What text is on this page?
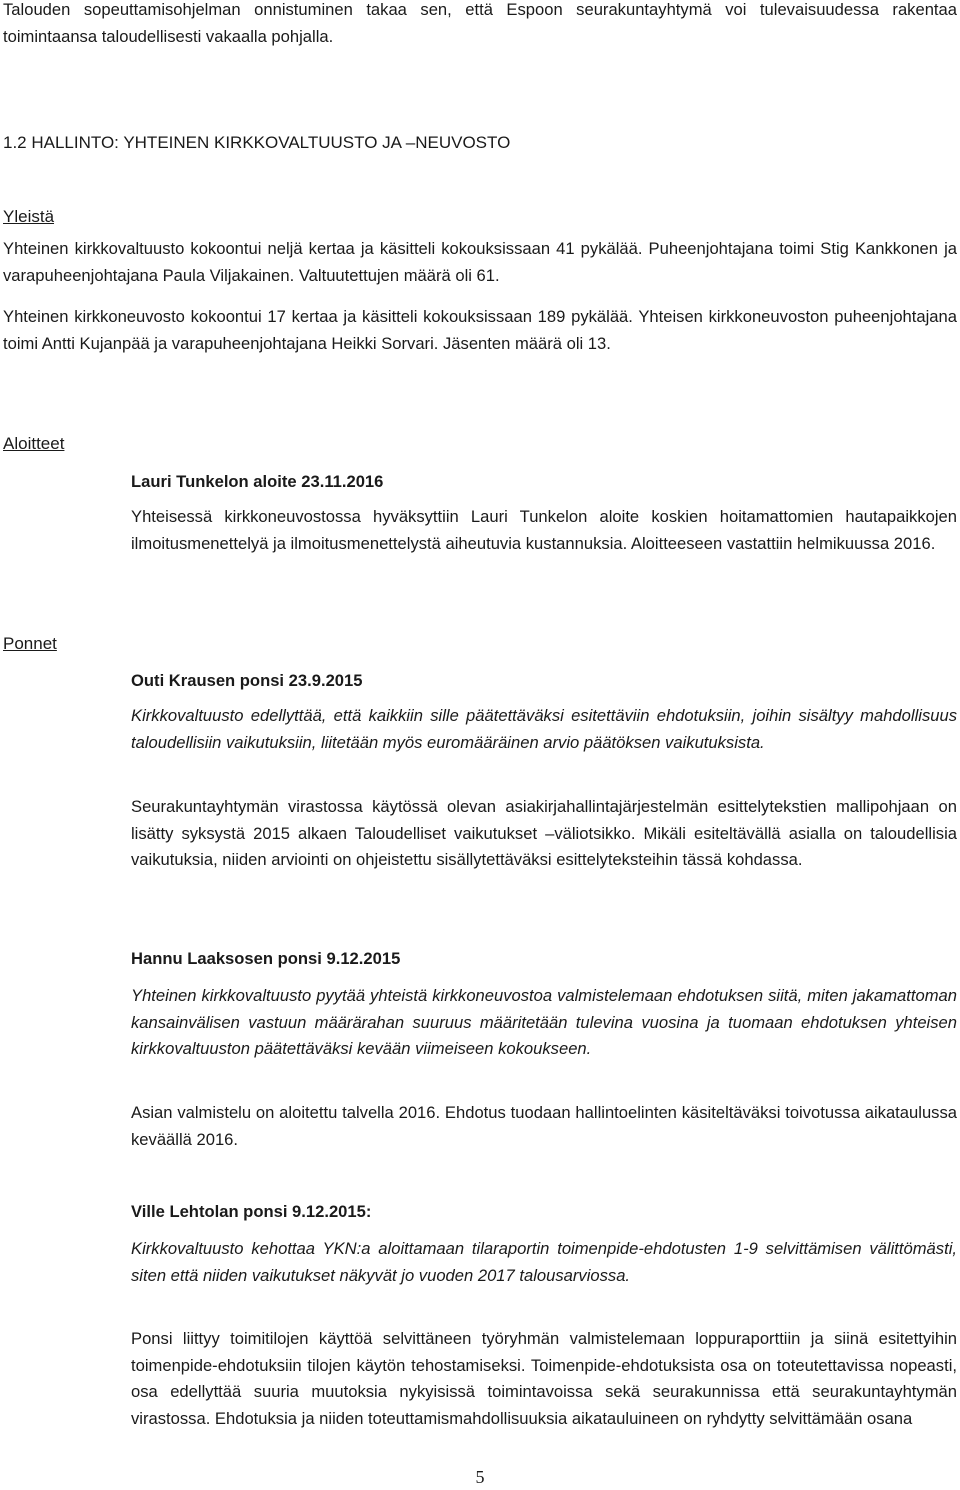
Talouden sopeuttamisohjelman onnistuminen takaa sen, että Espoon seurakuntayhtymä voi tulevaisuudessa rakentaa toimintaansa taloudellisesti vakaalla pohjalla.

1.2 HALLINTO: YHTEINEN KIRKKOVALTUUSTO JA –NEUVOSTO
Yleistä

Yhteinen kirkkovaltuusto kokoontui neljä kertaa ja käsitteli kokouksissaan 41 pykälää. Puheenjohtajana toimi Stig Kankkonen ja varapuheenjohtajana Paula Viljakainen. Valtuutettujen määrä oli 61.

Yhteinen kirkkoneuvosto kokoontui 17 kertaa ja käsitteli kokouksissaan 189 pykälää. Yhteisen kirkkoneuvoston puheenjohtajana toimi Antti Kujanpää ja varapuheenjohtajana Heikki Sorvari. Jäsenten määrä oli 13.

Aloitteet
Lauri Tunkelon aloite 23.11.2016

Yhteisessä kirkkoneuvostossa hyväksyttiin Lauri Tunkelon aloite koskien hoitamattomien hautapaikkojen ilmoitusmenettelyä ja ilmoitusmenettelystä aiheutuvia kustannuksia. Aloitteeseen vastattiin helmikuussa 2016.

Ponnet
Outi Krausen ponsi 23.9.2015

Kirkkovaltuusto edellyttää, että kaikkiin sille päätettäväksi esitettäviin ehdotuksiin, joihin sisältyy mahdollisuus taloudellisiin vaikutuksiin, liitetään myös euromääräinen arvio päätöksen vaikutuksista.

Seurakuntayhtymän virastossa käytössä olevan asiakirjahallintajärjestelmän esittelytekstien mallipohjaan on lisätty syksystä 2015 alkaen Taloudelliset vaikutukset –väliotsikko. Mikäli esiteltävällä asialla on taloudellisia vaikutuksia, niiden arviointi on ohjeistettu sisällytettäväksi esittelyteksteihin tässä kohdassa.

Hannu Laaksosen ponsi 9.12.2015

Yhteinen kirkkovaltuusto pyytää yhteistä kirkkoneuvostoa valmistelemaan ehdotuksen siitä, miten jakamattoman kansainvälisen vastuun määrärahan suuruus määritetään tulevina vuosina ja tuomaan ehdotuksen yhteisen kirkkovaltuuston päätettäväksi kevään viimeiseen kokoukseen.

Asian valmistelu on aloitettu talvella 2016. Ehdotus tuodaan hallintoelinten käsiteltäväksi toivotussa aikataulussa keväällä 2016.

Ville Lehtolan ponsi 9.12.2015:

Kirkkovaltuusto kehottaa YKN:a aloittamaan tilaraportin toimenpide-ehdotusten 1-9 selvittämisen välittömästi, siten että niiden vaikutukset näkyvät jo vuoden 2017 talousarviossa.

Ponsi liittyy toimitilojen käyttöä selvittäneen työryhmän valmistelemaan loppuraporttiin ja siinä esitettyihin toimenpide-ehdotuksiin tilojen käytön tehostamiseksi. Toimenpide-ehdotuksista osa on toteutettavissa nopeasti, osa edellyttää suuria muutoksia nykyisissä toimintavoissa sekä seurakunnissa että seurakuntayhtymän virastossa. Ehdotuksia ja niiden toteuttamismahdollisuuksia aikatauluineen on ryhdytty selvittämään osana

5
